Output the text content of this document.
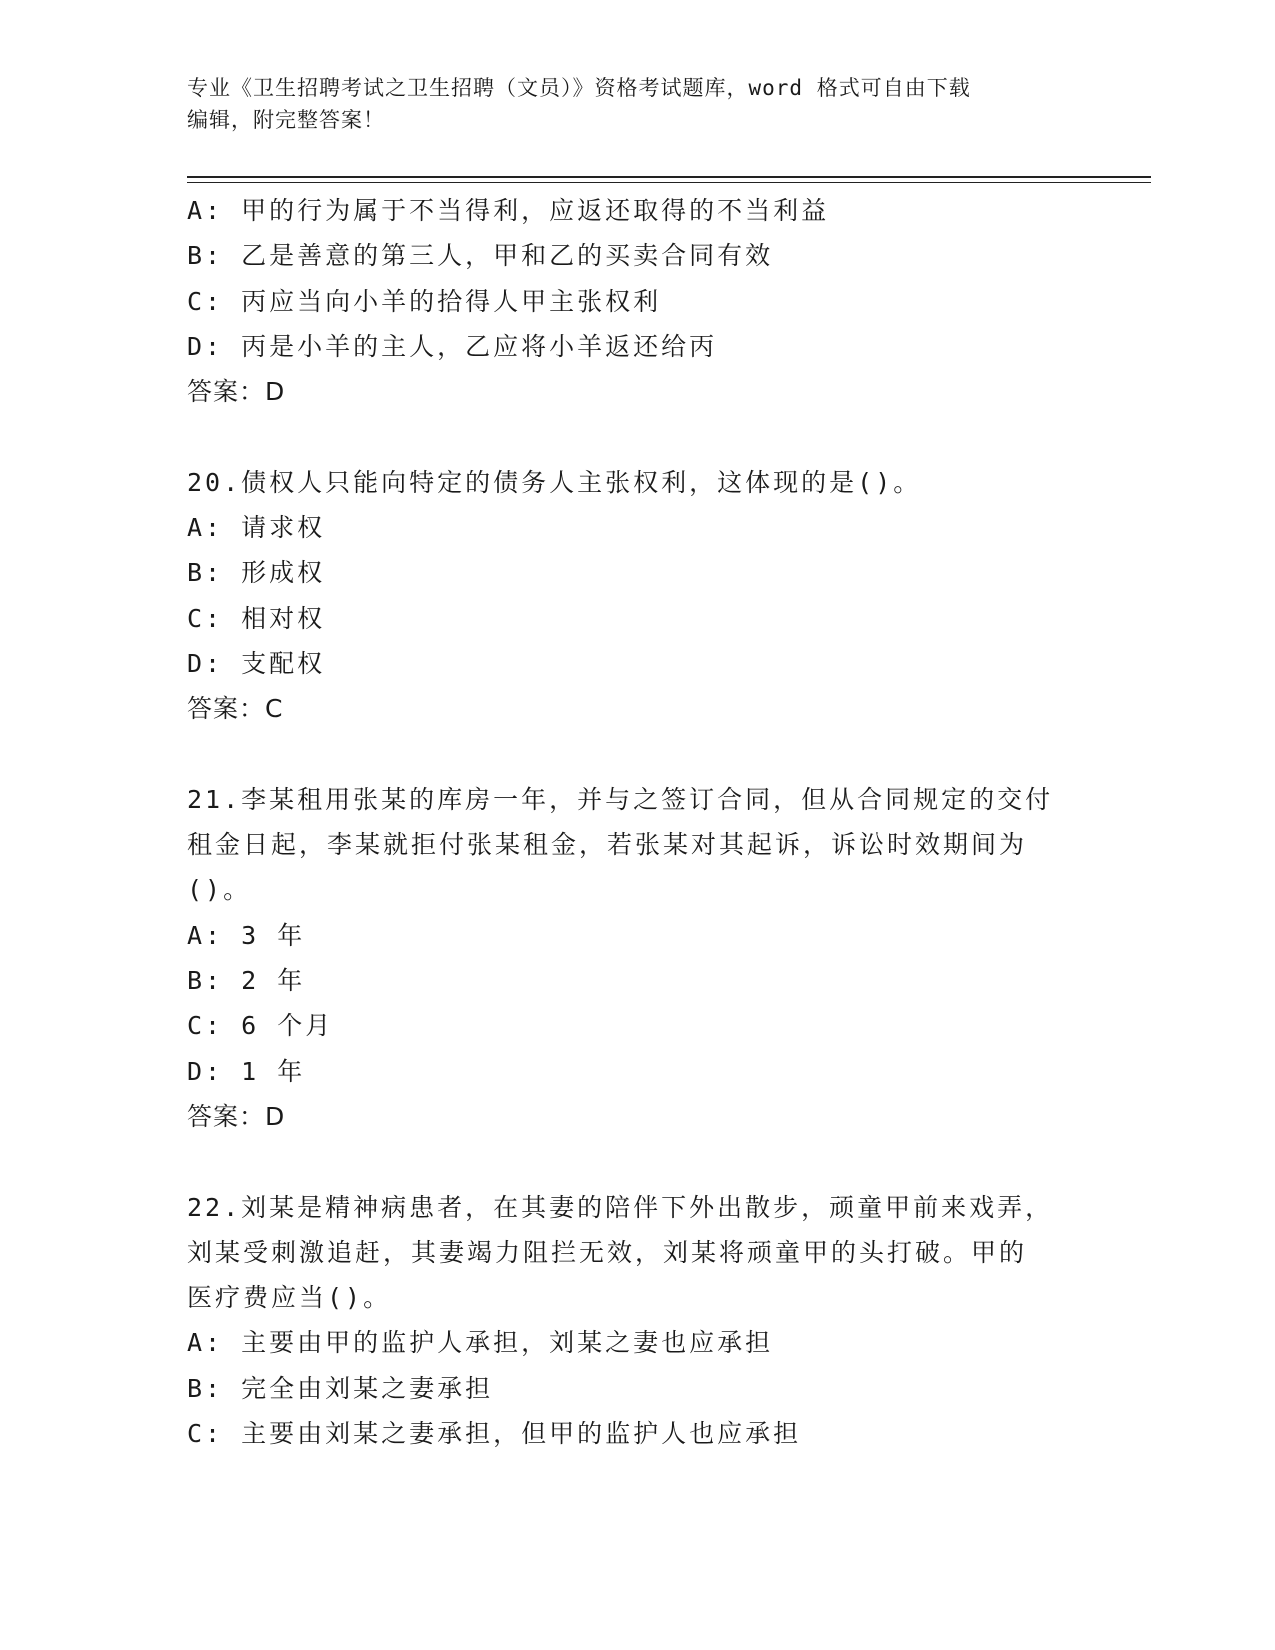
专业《卫生招聘考试之卫生招聘（文员）》资格考试题库，word 格式可自由下载
编辑，附完整答案！
A: 甲的行为属于不当得利，应返还取得的不当利益
B: 乙是善意的第三人，甲和乙的买卖合同有效
C: 丙应当向小羊的拾得人甲主张权利
D: 丙是小羊的主人，乙应将小羊返还给丙
答案：D
20.债权人只能向特定的债务人主张权利，这体现的是()。
A: 请求权
B: 形成权
C: 相对权
D: 支配权
答案：C
21.李某租用张某的库房一年，并与之签订合同，但从合同规定的交付
租金日起，李某就拒付张某租金，若张某对其起诉，诉讼时效期间为
()。
A: 3 年
B: 2 年
C: 6 个月
D: 1 年
答案：D
22.刘某是精神病患者，在其妻的陪伴下外出散步，顽童甲前来戏弄，
刘某受刺激追赶，其妻竭力阻拦无效，刘某将顽童甲的头打破。甲的
医疗费应当()。
A: 主要由甲的监护人承担，刘某之妻也应承担
B: 完全由刘某之妻承担
C: 主要由刘某之妻承担，但甲的监护人也应承担
